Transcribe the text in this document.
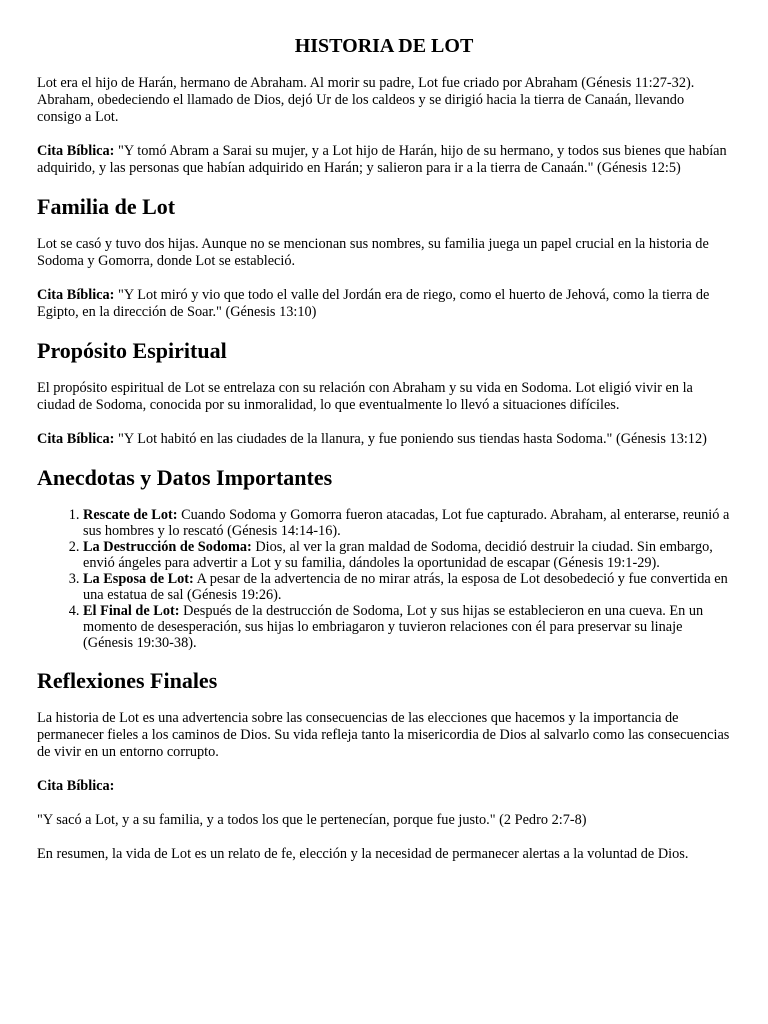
HISTORIA DE LOT

Lot era el hijo de Harán, hermano de Abraham. Al morir su padre, Lot fue criado por Abraham (Génesis 11:27-32). Abraham, obedeciendo el llamado de Dios, dejó Ur de los caldeos y se dirigió hacia la tierra de Canaán, llevando consigo a Lot.

Cita Bíblica: "Y tomó Abram a Sarai su mujer, y a Lot hijo de Harán, hijo de su hermano, y todos sus bienes que habían adquirido, y las personas que habían adquirido en Harán; y salieron para ir a la tierra de Canaán." (Génesis 12:5)

Familia de Lot

Lot se casó y tuvo dos hijas. Aunque no se mencionan sus nombres, su familia juega un papel crucial en la historia de Sodoma y Gomorra, donde Lot se estableció.

Cita Bíblica: "Y Lot miró y vio que todo el valle del Jordán era de riego, como el huerto de Jehová, como la tierra de Egipto, en la dirección de Soar." (Génesis 13:10)

Propósito Espiritual

El propósito espiritual de Lot se entrelaza con su relación con Abraham y su vida en Sodoma. Lot eligió vivir en la ciudad de Sodoma, conocida por su inmoralidad, lo que eventualmente lo llevó a situaciones difíciles.

Cita Bíblica: "Y Lot habitó en las ciudades de la llanura, y fue poniendo sus tiendas hasta Sodoma." (Génesis 13:12)

Anecdotas y Datos Importantes
1. Rescate de Lot: Cuando Sodoma y Gomorra fueron atacadas, Lot fue capturado. Abraham, al enterarse, reunió a sus hombres y lo rescató (Génesis 14:14-16).
2. La Destrucción de Sodoma: Dios, al ver la gran maldad de Sodoma, decidió destruir la ciudad. Sin embargo, envió ángeles para advertir a Lot y su familia, dándoles la oportunidad de escapar (Génesis 19:1-29).
3. La Esposa de Lot: A pesar de la advertencia de no mirar atrás, la esposa de Lot desobedeció y fue convertida en una estatua de sal (Génesis 19:26).
4. El Final de Lot: Después de la destrucción de Sodoma, Lot y sus hijas se establecieron en una cueva. En un momento de desesperación, sus hijas lo embriagaron y tuvieron relaciones con él para preservar su linaje (Génesis 19:30-38).
Reflexiones Finales

La historia de Lot es una advertencia sobre las consecuencias de las elecciones que hacemos y la importancia de permanecer fieles a los caminos de Dios. Su vida refleja tanto la misericordia de Dios al salvarlo como las consecuencias de vivir en un entorno corrupto.

Cita Bíblica:

"Y sacó a Lot, y a su familia, y a todos los que le pertenecían, porque fue justo." (2 Pedro 2:7-8)

En resumen, la vida de Lot es un relato de fe, elección y la necesidad de permanecer alertas a la voluntad de Dios.
